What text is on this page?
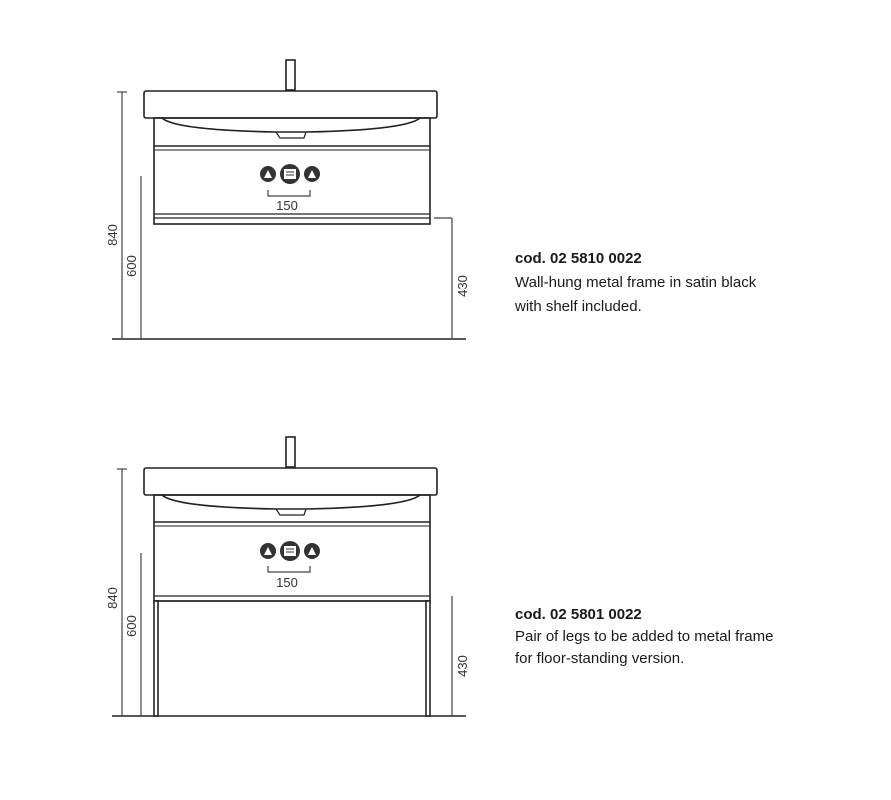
840
600
430
150
840
600
430
150
cod. 02 5810 0022
Wall-hung metal frame in satin black
with shelf included.
cod. 02 5801 0022
Pair of legs to be added to metal frame
for floor-standing version.
